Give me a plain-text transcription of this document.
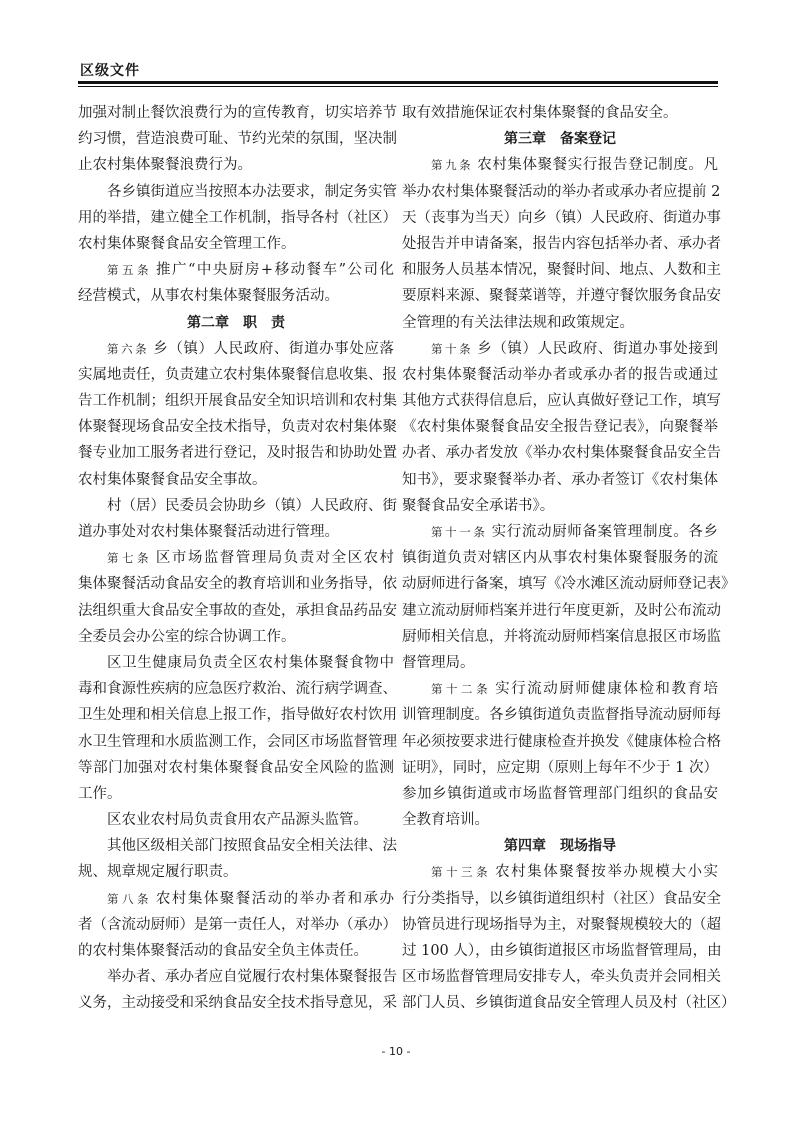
区级文件
加强对制止餐饮浪费行为的宣传教育，切实培养节
约习惯，营造浪费可耻、节约光荣的氛围，坚决制
止农村集体聚餐浪费行为。
各乡镇街道应当按照本办法要求，制定务实管
用的举措，建立健全工作机制，指导各村（社区）
农村集体聚餐食品安全管理工作。
第五条 推广“中央厨房+移动餐车”公司化
经营模式，从事农村集体聚餐服务活动。
第二章　职　责
第六条 乡（镇）人民政府、街道办事处应落
实属地责任，负责建立农村集体聚餐信息收集、报
告工作机制；组织开展食品安全知识培训和农村集
体聚餐现场食品安全技术指导，负责对农村集体聚
餐专业加工服务者进行登记，及时报告和协助处置
农村集体聚餐食品安全事故。
村（居）民委员会协助乡（镇）人民政府、街
道办事处对农村集体聚餐活动进行管理。
第七条 区市场监督管理局负责对全区农村
集体聚餐活动食品安全的教育培训和业务指导，依
法组织重大食品安全事故的查处，承担食品药品安
全委员会办公室的综合协调工作。
区卫生健康局负责全区农村集体聚餐食物中
毒和食源性疾病的应急医疗救治、流行病学调查、
卫生处理和相关信息上报工作，指导做好农村饮用
水卫生管理和水质监测工作，会同区市场监督管理
等部门加强对农村集体聚餐食品安全风险的监测
工作。
区农业农村局负责食用农产品源头监管。
其他区级相关部门按照食品安全相关法律、法
规、规章规定履行职责。
第八条 农村集体聚餐活动的举办者和承办
者（含流动厨师）是第一责任人，对举办（承办）
的农村集体聚餐活动的食品安全负主体责任。
举办者、承办者应自觉履行农村集体聚餐报告
义务，主动接受和采纳食品安全技术指导意见，采
取有效措施保证农村集体聚餐的食品安全。
第三章　备案登记
第九条 农村集体聚餐实行报告登记制度。凡
举办农村集体聚餐活动的举办者或承办者应提前 2
天（丧事为当天）向乡（镇）人民政府、街道办事
处报告并申请备案，报告内容包括举办者、承办者
和服务人员基本情况，聚餐时间、地点、人数和主
要原料来源、聚餐菜谱等，并遵守餐饮服务食品安
全管理的有关法律法规和政策规定。
第十条 乡（镇）人民政府、街道办事处接到
农村集体聚餐活动举办者或承办者的报告或通过
其他方式获得信息后，应认真做好登记工作，填写
《农村集体聚餐食品安全报告登记表》，向聚餐举
办者、承办者发放《举办农村集体聚餐食品安全告
知书》，要求聚餐举办者、承办者签订《农村集体
聚餐食品安全承诺书》。
第十一条 实行流动厨师备案管理制度。各乡
镇街道负责对辖区内从事农村集体聚餐服务的流
动厨师进行备案，填写《冷水滩区流动厨师登记表》
建立流动厨师档案并进行年度更新，及时公布流动
厨师相关信息，并将流动厨师档案信息报区市场监
督管理局。
第十二条 实行流动厨师健康体检和教育培
训管理制度。各乡镇街道负责监督指导流动厨师每
年必须按要求进行健康检查并换发《健康体检合格
证明》，同时，应定期（原则上每年不少于 1 次）
参加乡镇街道或市场监督管理部门组织的食品安
全教育培训。
第四章　现场指导
第十三条 农村集体聚餐按举办规模大小实
行分类指导，以乡镇街道组织村（社区）食品安全
协管员进行现场指导为主，对聚餐规模较大的（超
过 100 人），由乡镇街道报区市场监督管理局，由
区市场监督管理局安排专人，牵头负责并会同相关
部门人员、乡镇街道食品安全管理人员及村（社区）
- 10 -
